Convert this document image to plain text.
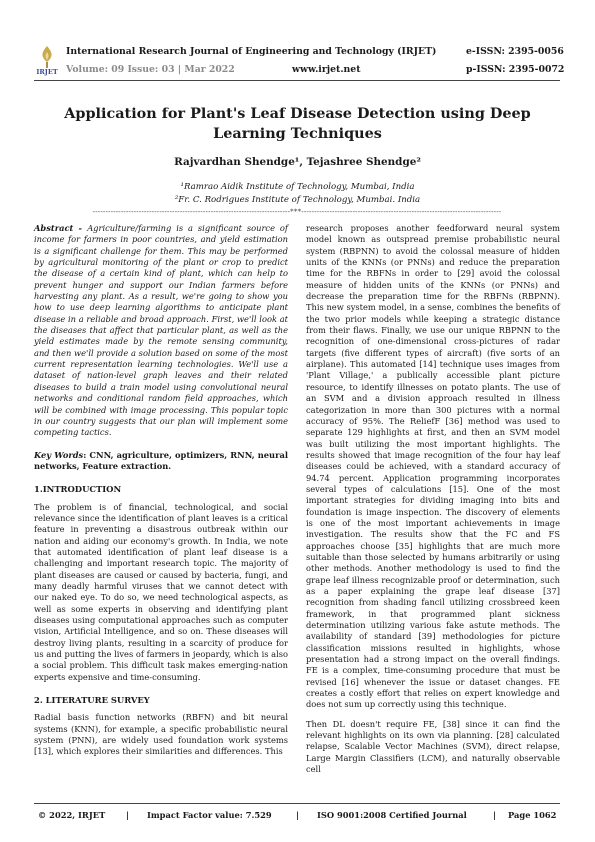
IRJET
International Research Journal of Engineering and Technology (IRJET)
Volume: 09 Issue: 03 | Mar 2022	www.irjet.net
e-ISSN: 2395-0056
p-ISSN: 2395-0072
Application for Plant's Leaf Disease Detection using Deep Learning Techniques
Rajvardhan Shendge¹, Tejashree Shendge²
¹Ramrao Aidik Institute of Technology, Mumbai, India
²Fr. C. Rodrigues Institute of Technology, Mumbai. India
-----------------------------------------------------------------------------***------------------------------------------------------------------------------

Abstract - Agriculture/farming is a significant source of income for farmers in poor countries, and yield estimation is a significant challenge for them. This may be performed by agricultural monitoring of the plant or crop to predict the disease of a certain kind of plant, which can help to prevent hunger and support our Indian farmers before harvesting any plant. As a result, we're going to show you how to use deep learning algorithms to anticipate plant disease in a reliable and broad approach. First, we'll look at the diseases that affect that particular plant, as well as the yield estimates made by the remote sensing community, and then we'll provide a solution based on some of the most current representation learning technologies. We'll use a dataset of nation-level graph leaves and their related diseases to build a train model using convolutional neural networks and conditional random field approaches, which will be combined with image processing. This popular topic in our country suggests that our plan will implement some competing tactics.

Key Words: CNN, agriculture, optimizers, RNN, neural networks, Feature extraction.

1.INTRODUCTION

The problem is of financial, technological, and social relevance since the identification of plant leaves is a critical feature in preventing a disastrous outbreak within our nation and aiding our economy's growth. In India, we note that automated identification of plant leaf disease is a challenging and important research topic. The majority of plant diseases are caused or caused by bacteria, fungi, and many deadly harmful viruses that we cannot detect with our naked eye. To do so, we need technological aspects, as well as some experts in observing and identifying plant diseases using computational approaches such as computer vision, Artificial Intelligence, and so on. These diseases will destroy living plants, resulting in a scarcity of produce for us and putting the lives of farmers in jeopardy, which is also a social problem. This difficult task makes emerging-nation experts expensive and time-consuming.

2. LITERATURE SURVEY

Radial basis function networks (RBFN) and bit neural systems (KNN), for example, a specific probabilistic neural system (PNN), are widely used foundation work systems [13], which explores their similarities and differences. This

research proposes another feedforward neural system model known as outspread premise probabilistic neural system (RBPNN) to avoid the colossal measure of hidden units of the KNNs (or PNNs) and reduce the preparation time for the RBFNs in order to [29] avoid the colossal measure of hidden units of the KNNs (or PNNs) and decrease the preparation time for the RBFNs (RBPNN). This new system model, in a sense, combines the benefits of the two prior models while keeping a strategic distance from their flaws. Finally, we use our unique RBPNN to the recognition of one-dimensional cross-pictures of radar targets (five different types of aircraft) (five sorts of an airplane). This automated [14] technique uses images from 'Plant Village,' a publically accessible plant picture resource, to identify illnesses on potato plants. The use of an SVM and a division approach resulted in illness categorization in more than 300 pictures with a normal accuracy of 95%. The ReliefF [36] method was used to separate 129 highlights at first, and then an SVM model was built utilizing the most important highlights. The results showed that image recognition of the four hay leaf diseases could be achieved, with a standard accuracy of 94.74 percent. Application programming incorporates several types of calculations [15]. One of the most important strategies for dividing imaging into bits and foundation is image inspection. The discovery of elements is one of the most important achievements in image investigation. The results show that the FC and FS approaches choose [35] highlights that are much more suitable than those selected by humans arbitrarily or using other methods. Another methodology is used to find the grape leaf illness recognizable proof or determination, such as a paper explaining the grape leaf disease [37] recognition from shading fancil utilizing crossbreed keen framework, in that programmed plant sickness determination utilizing various fake astute methods. The availability of standard [39] methodologies for picture classification missions resulted in highlights, whose presentation had a strong impact on the overall findings. FE is a complex, time-consuming procedure that must be revised [16] whenever the issue or dataset changes. FE creates a costly effort that relies on expert knowledge and does not sum up correctly using this technique.

Then DL doesn't require FE, [38] since it can find the relevant highlights on its own via planning. [28] calculated relapse, Scalable Vector Machines (SVM), direct relapse, Large Margin Classifiers (LCM), and naturally observable cell

© 2022, IRJET | Impact Factor value: 7.529	| ISO 9001:2008 Certified Journal	| Page 1062
